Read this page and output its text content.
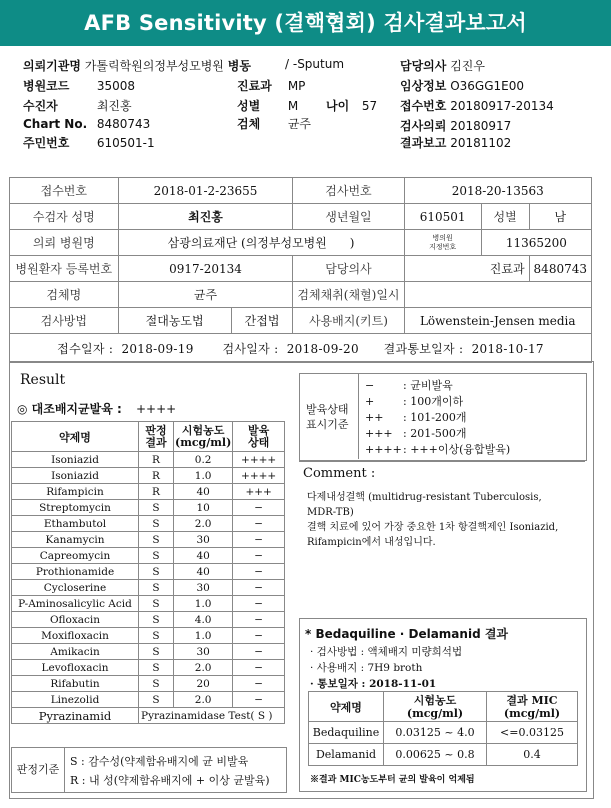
AFB Sensitivity (결핵협회) 검사결과보고서
의뢰기관명 가톨릭학원의정부성모병원 병동	/ -Sputum	담당의사 김진우
병원코드 35008	진료과 MP	임상정보 O36GG1E00
수진자	최진홍	성별 M 나이 57 접수번호 20180917-20134
Chart No. 8480743	검체 균주	검사의뢰 20180917
주민번호 610501-1	결과보고 20181102
접수번호	2018-01-2-23655		검사번호	2018-20-13563		
수검자 성명	최진홍		생년월일	610501	성별	남
의뢰 병원명	삼광의료재단 (의정부성모병원 )			병의원
지정번호	11365200	
병원환자 등록번호	0917-20134		담당의사	진료과		8480743
검체명	균주		검체채취(채혈)일시			
검사방법	절대농도법	간접법	사용배지(키트)	Löwenstein-Jensen media		
접수일자 : 2018-09-19 검사일자 : 2018-09-20 결과통보일자 : 2018-10-17						
Result
◎ 대조배지균발육 : ++++
약제명	판정
결과	시험농도
(mcg/ml)	발육
상태
Isoniazid	R	0.2	++++
Isoniazid	R	1.0	++++
Rifampicin	R	40	+++
Streptomycin	S	10	−
Ethambutol	S	2.0	−
Kanamycin	S	30	−
Capreomycin	S	40	−
Prothionamide	S	40	−
Cycloserine	S	30	−
P-Aminosalicylic Acid	S	1.0	−
Ofloxacin	S	4.0	−
Moxifloxacin	S	1.0	−
Amikacin	S	30	−
Levofloxacin	S	2.0	−
Rifabutin	S	20	−
Linezolid	S	2.0	−
Pyrazinamid	Pyrazinamidase Test( S )		
발육상태
표시기준
−	: 균비발육
+	: 100개이하
++ : 101-200개
+++ : 201-500개
++++: +++이상(융합발육)
Comment :
다제내성결핵 (multidrug-resistant Tuberculosis,
MDR-TB)
결핵 치료에 있어 가장 중요한 1차 항결핵제인 Isoniazid,
Rifampicin에서 내성입니다.
* Bedaquiline · Delamanid 결과
· 검사방법 : 액체배지 미량희석법
· 사용배지 : 7H9 broth
· 통보일자 : 2018-11-01
약제명	시험농도
(mcg/ml)	결과 MIC
(mcg/ml)
Bedaquiline	0.03125 ~ 4.0	<=0.03125
Delamanid	0.00625 ~ 0.8	0.4
※결과 MIC농도부터 균의 발육이 억제됨
판정기준
S : 감수성(약제함유배지에 균 비발육
R : 내 성(약제함유배지에 + 이상 균발육)
